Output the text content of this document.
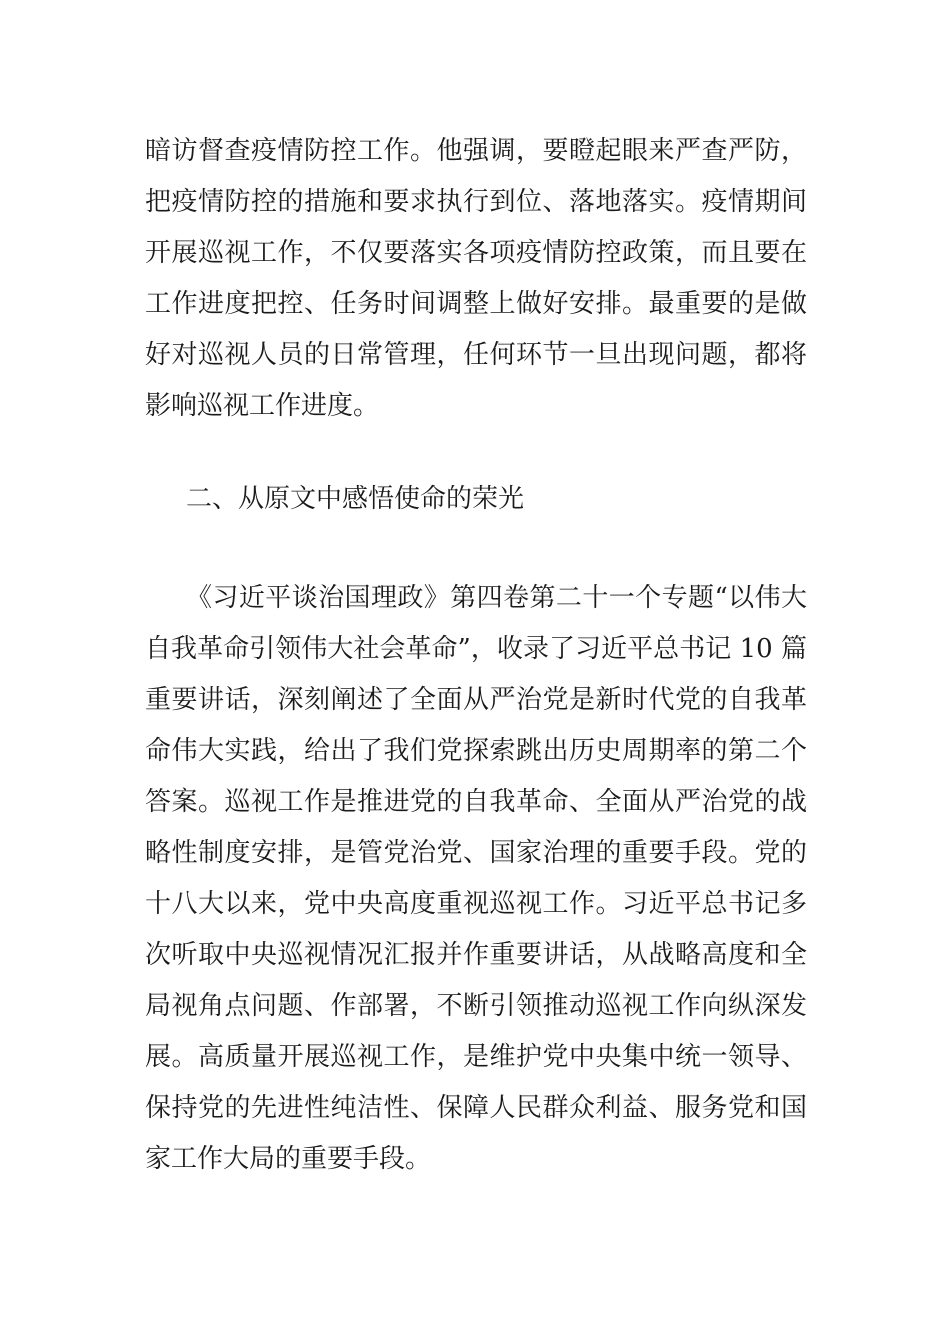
暗访督查疫情防控工作。他强调，要瞪起眼来严查严防，
把疫情防控的措施和要求执行到位、落地落实。疫情期间
开展巡视工作，不仅要落实各项疫情防控政策，而且要在
工作进度把控、任务时间调整上做好安排。最重要的是做
好对巡视人员的日常管理，任何环节一旦出现问题，都将
影响巡视工作进度。
二、从原文中感悟使命的荣光
《习近平谈治国理政》第四卷第二十一个专题“以伟大
自我革命引领伟大社会革命”，收录了习近平总书记 10 篇
重要讲话，深刻阐述了全面从严治党是新时代党的自我革
命伟大实践，给出了我们党探索跳出历史周期率的第二个
答案。巡视工作是推进党的自我革命、全面从严治党的战
略性制度安排，是管党治党、国家治理的重要手段。党的
十八大以来，党中央高度重视巡视工作。习近平总书记多
次听取中央巡视情况汇报并作重要讲话，从战略高度和全
局视角点问题、作部署，不断引领推动巡视工作向纵深发
展。高质量开展巡视工作，是维护党中央集中统一领导、
保持党的先进性纯洁性、保障人民群众利益、服务党和国
家工作大局的重要手段。
